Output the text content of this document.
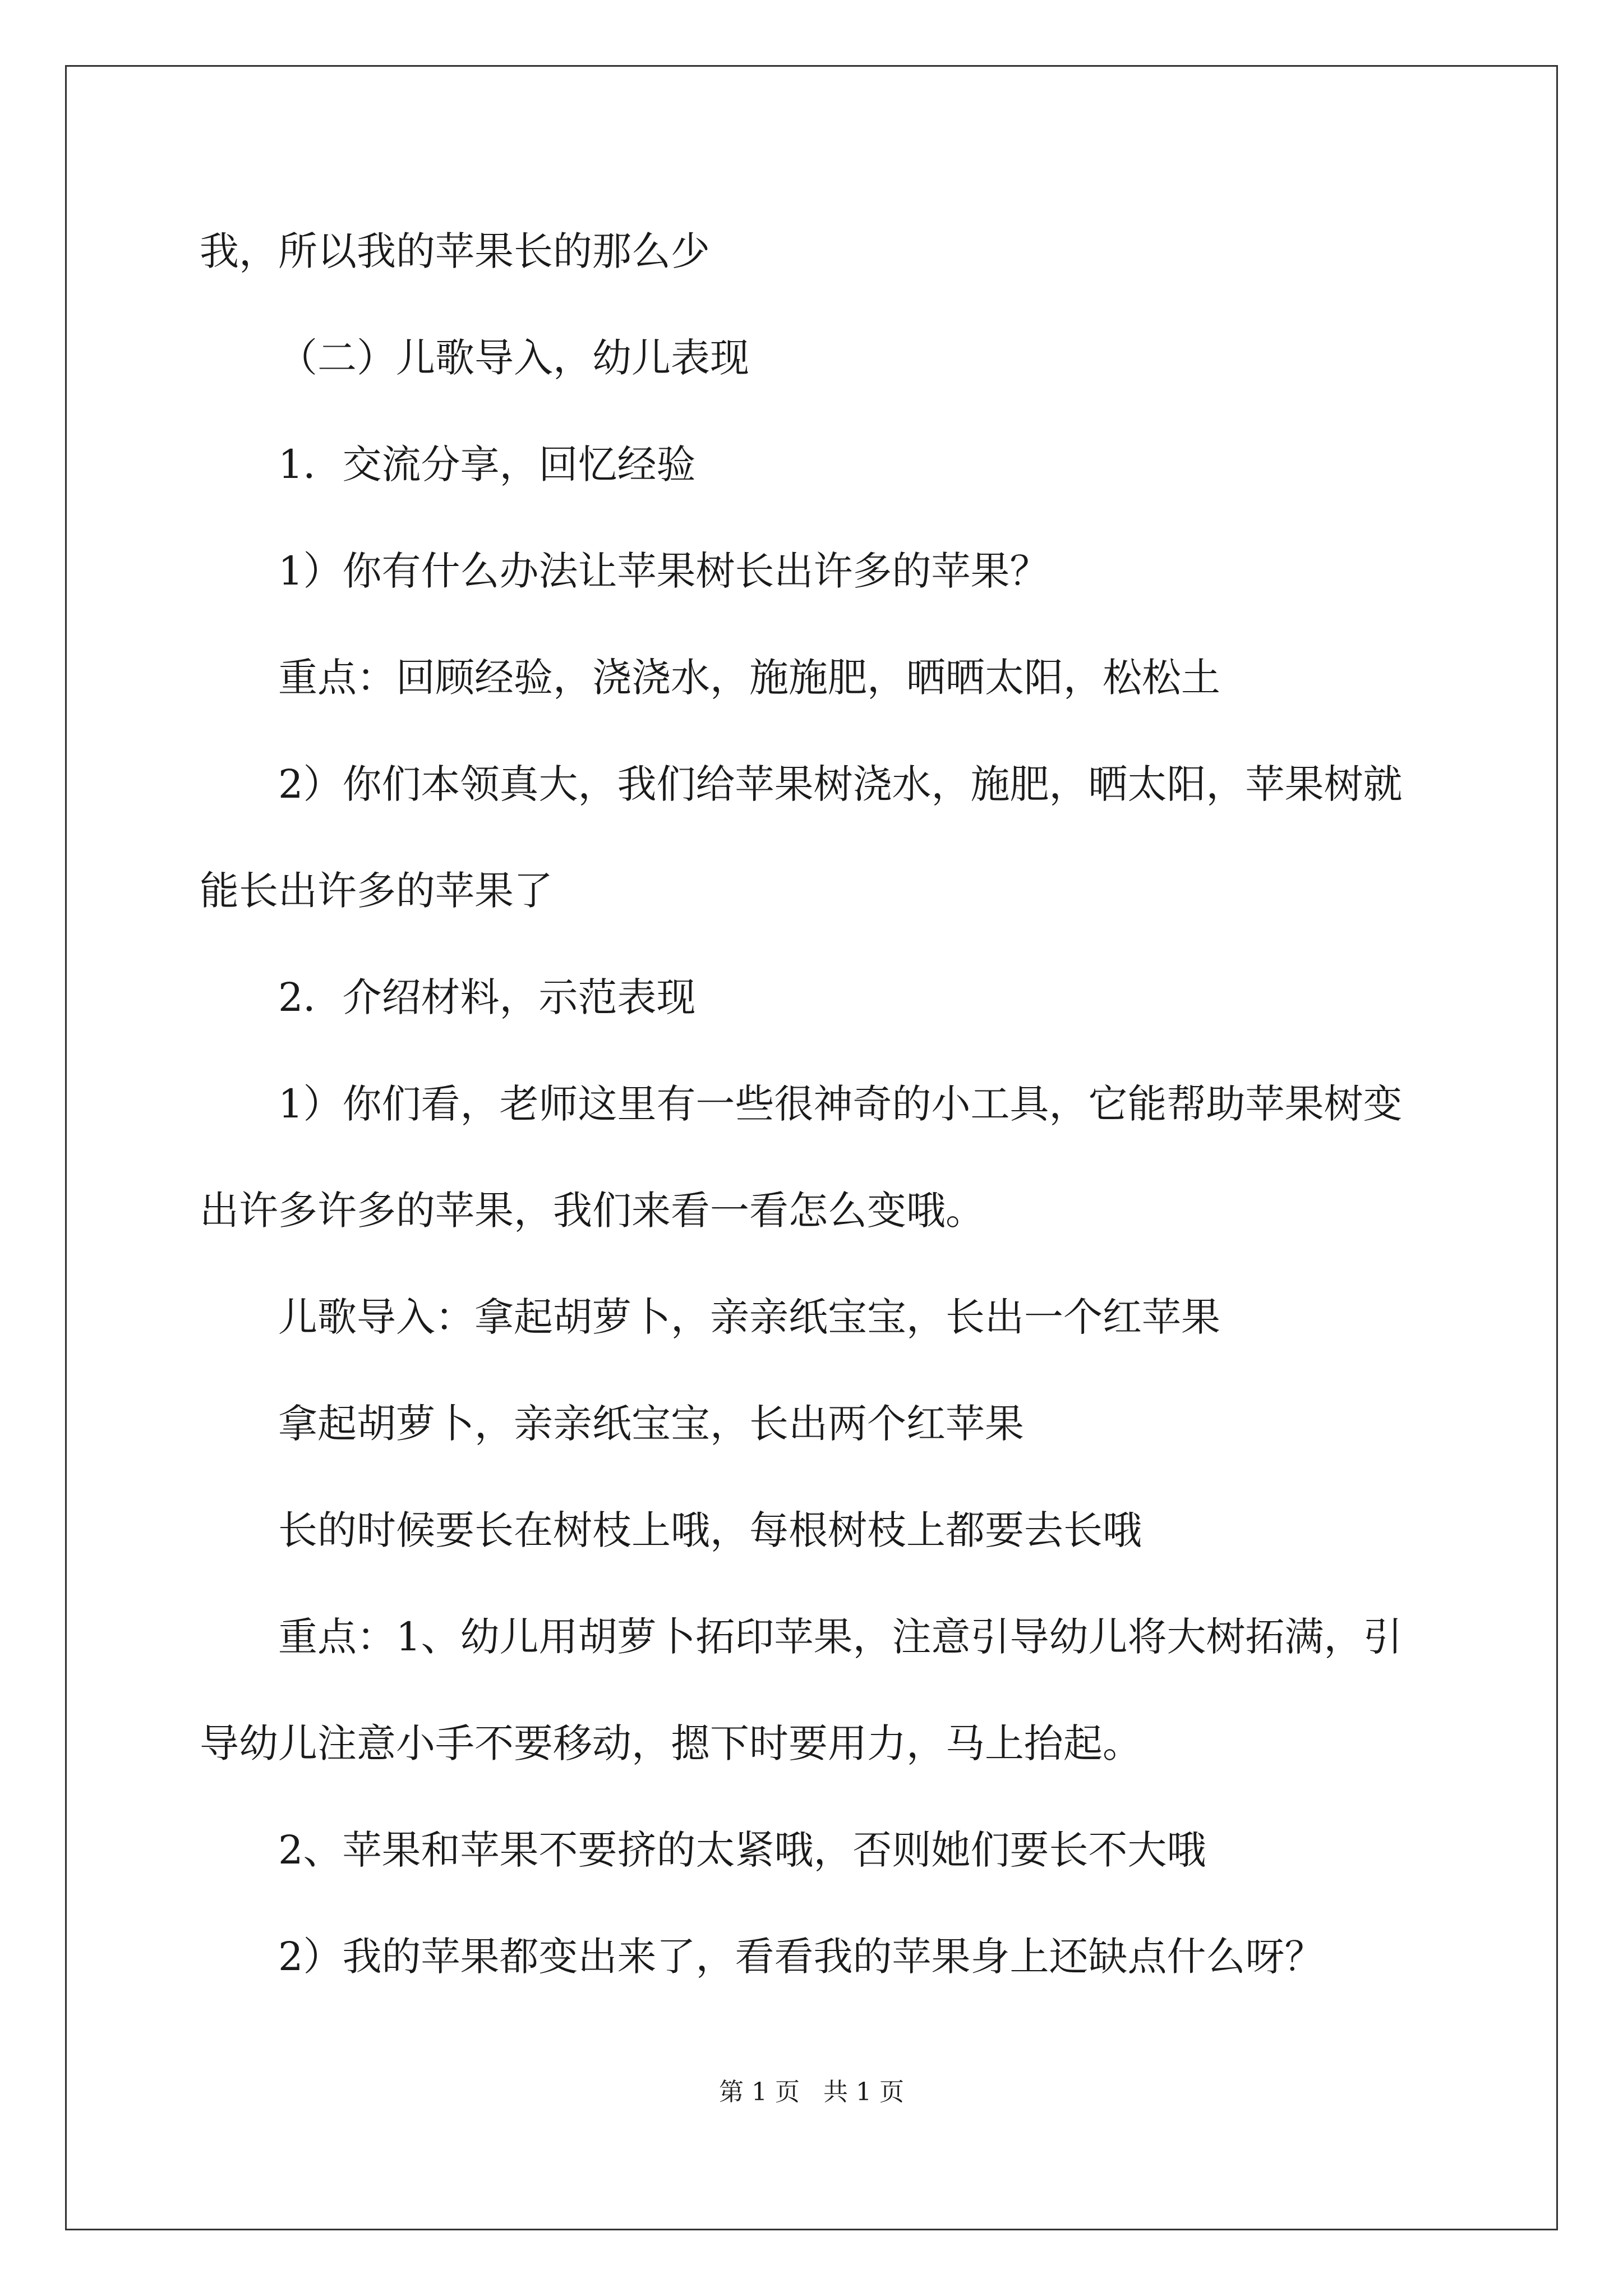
我，所以我的苹果长的那么少

（二）儿歌导入，幼儿表现

1．交流分享，回忆经验

1）你有什么办法让苹果树长出许多的苹果？

重点：回顾经验，浇浇水，施施肥，晒晒太阳，松松土

2）你们本领真大，我们给苹果树浇水，施肥，晒太阳，苹果树就

能长出许多的苹果了

2．介绍材料，示范表现

1）你们看，老师这里有一些很神奇的小工具，它能帮助苹果树变

出许多许多的苹果，我们来看一看怎么变哦。

儿歌导入：拿起胡萝卜，亲亲纸宝宝，长出一个红苹果

拿起胡萝卜，亲亲纸宝宝，长出两个红苹果

长的时候要长在树枝上哦，每根树枝上都要去长哦

重点：1、幼儿用胡萝卜拓印苹果，注意引导幼儿将大树拓满，引

导幼儿注意小手不要移动，摁下时要用力，马上抬起。

2、苹果和苹果不要挤的太紧哦，否则她们要长不大哦

2）我的苹果都变出来了，看看我的苹果身上还缺点什么呀？

第 1 页   共 1 页
